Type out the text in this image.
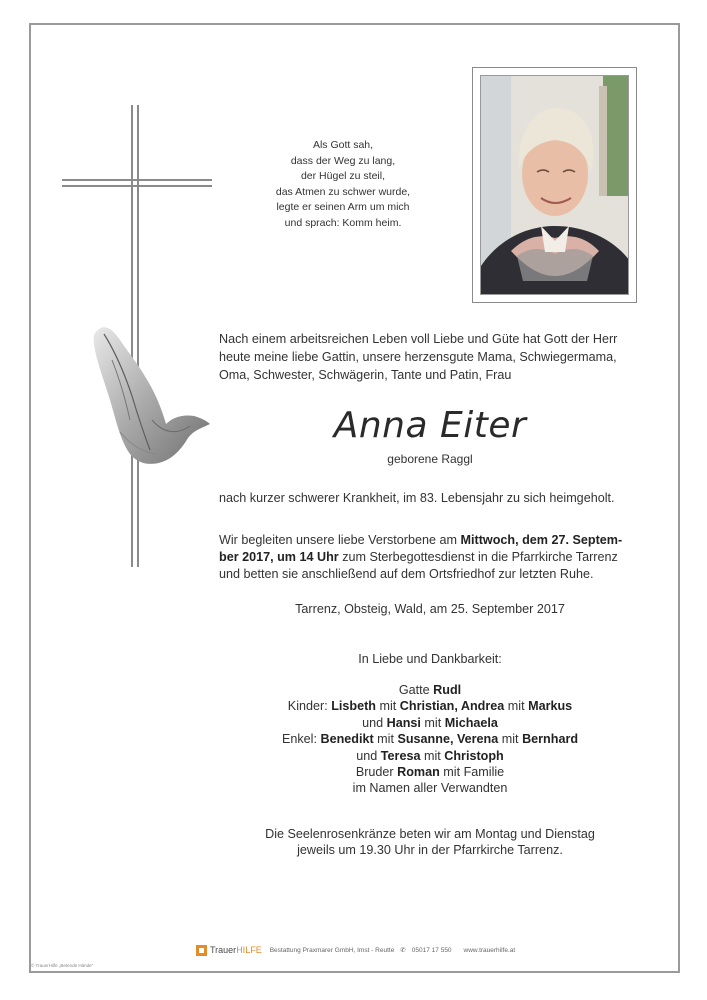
Als Gott sah,
dass der Weg zu lang,
der Hügel zu steil,
das Atmen zu schwer wurde,
legte er seinen Arm um mich
und sprach: Komm heim.
Nach einem arbeitsreichen Leben voll Liebe und Güte hat Gott der Herr
heute meine liebe Gattin, unsere herzensgute Mama, Schwiegermama,
Oma, Schwester, Schwägerin, Tante und Patin, Frau
Anna Eiter
geborene Raggl
nach kurzer schwerer Krankheit, im 83. Lebensjahr zu sich heimgeholt.
Wir begleiten unsere liebe Verstorbene am Mittwoch, dem 27. Septem-
ber 2017, um 14 Uhr zum Sterbegottesdienst in die Pfarrkirche Tarrenz
und betten sie anschließend auf dem Ortsfriedhof zur letzten Ruhe.
Tarrenz, Obsteig, Wald, am 25. September 2017
In Liebe und Dankbarkeit:
Gatte Rudl
Kinder: Lisbeth mit Christian, Andrea mit Markus
und Hansi mit Michaela
Enkel: Benedikt mit Susanne, Verena mit Bernhard
und Teresa mit Christoph
Bruder Roman mit Familie
im Namen aller Verwandten
Die Seelenrosenkränze beten wir am Montag und Dienstag
jeweils um 19.30 Uhr in der Pfarrkirche Tarrenz.
Trauer HILFE Bestattung Praxmarer GmbH, Imst - Reutte ✆ 05017 17 550 www.trauerhilfe.at
© TrauerHilfe „Betende Hände“
